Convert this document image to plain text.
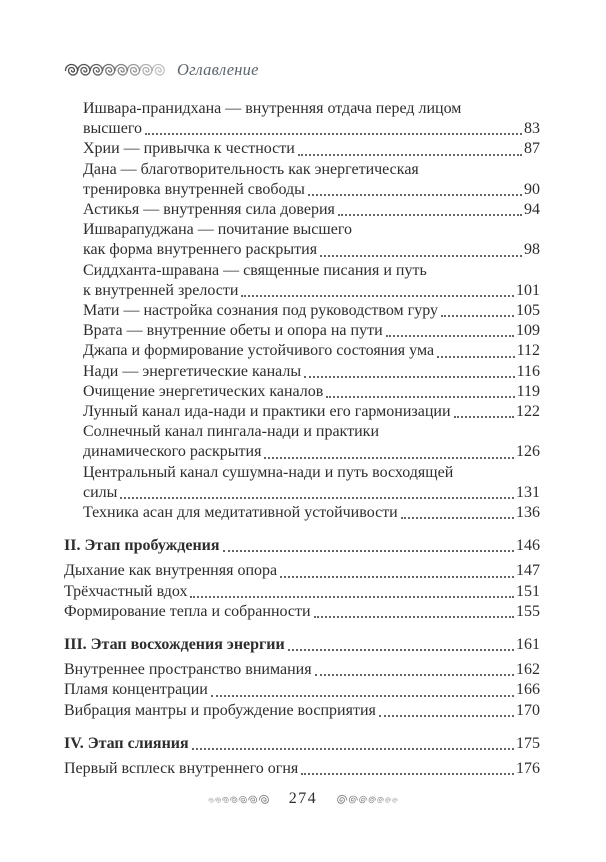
Оглавление
Ишвара-пранидхана — внутренняя отдача перед лицом
высшего	83
Хрии — привычка к честности	87
Дана — благотворительность как энергетическая
тренировка внутренней свободы	90
Астикья — внутренняя сила доверия	94
Ишварапуджана — почитание высшего
как форма внутреннего раскрытия	98
Сиддханта-шравана — священные писания и путь
к внутренней зрелости	101
Мати — настройка сознания под руководством гуру	105
Врата — внутренние обеты и опора на пути	109
Джапа и формирование устойчивого состояния ума	112
Нади — энергетические каналы	116
Очищение энергетических каналов	119
Лунный канал ида-нади и практики его гармонизации	122
Солнечный канал пингала-нади и практики
динамического раскрытия	126
Центральный канал сушумна-нади и путь восходящей
силы	131
Техника асан для медитативной устойчивости	136
II. Этап пробуждения	146
Дыхание как внутренняя опора	147
Трёхчастный вдох	151
Формирование тепла и собранности	155
III. Этап восхождения энергии	161
Внутреннее пространство внимания	162
Пламя концентрации	166
Вибрация мантры и пробуждение восприятия	170
IV. Этап слияния	175
Первый всплеск внутреннего огня	176
274
